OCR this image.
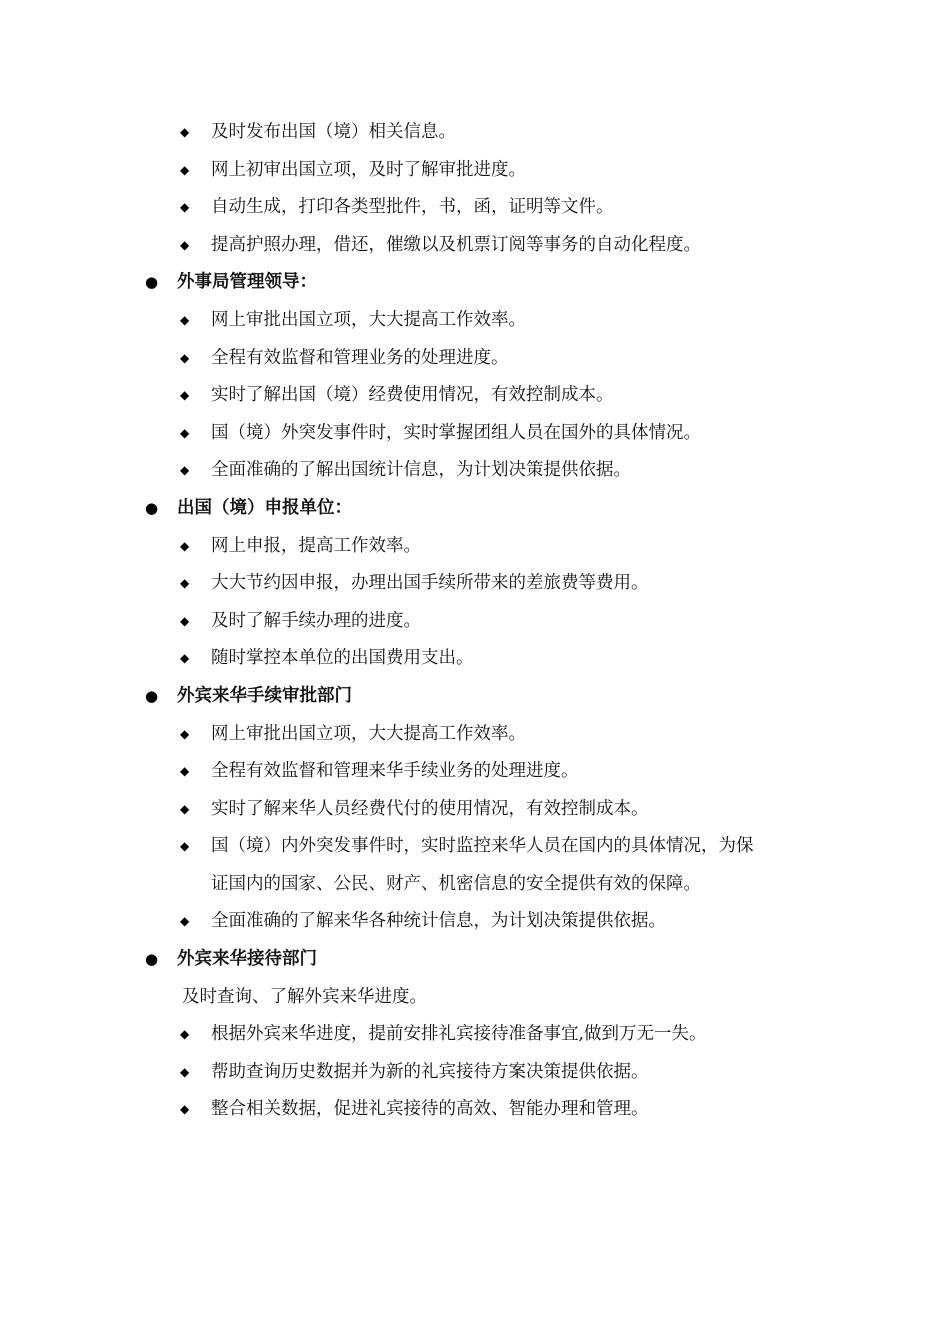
◆ 及时发布出国（境）相关信息。
◆ 网上初审出国立项，及时了解审批进度。
◆ 自动生成，打印各类型批件，书，函，证明等文件。
◆ 提高护照办理，借还，催缴以及机票订阅等事务的自动化程度。
● 外事局管理领导：
◆ 网上审批出国立项，大大提高工作效率。
◆ 全程有效监督和管理业务的处理进度。
◆ 实时了解出国（境）经费使用情况，有效控制成本。
◆ 国（境）外突发事件时，实时掌握团组人员在国外的具体情况。
◆ 全面准确的了解出国统计信息，为计划决策提供依据。
● 出国（境）申报单位：
◆ 网上申报，提高工作效率。
◆ 大大节约因申报，办理出国手续所带来的差旅费等费用。
◆ 及时了解手续办理的进度。
◆ 随时掌控本单位的出国费用支出。
● 外宾来华手续审批部门
◆ 网上审批出国立项，大大提高工作效率。
◆ 全程有效监督和管理来华手续业务的处理进度。
◆ 实时了解来华人员经费代付的使用情况，有效控制成本。
◆ 国（境）内外突发事件时，实时监控来华人员在国内的具体情况，为保
证国内的国家、公民、财产、机密信息的安全提供有效的保障。
◆ 全面准确的了解来华各种统计信息，为计划决策提供依据。
● 外宾来华接待部门
及时查询、了解外宾来华进度。
◆ 根据外宾来华进度，提前安排礼宾接待准备事宜,做到万无一失。
◆ 帮助查询历史数据并为新的礼宾接待方案决策提供依据。
◆ 整合相关数据，促进礼宾接待的高效、智能办理和管理。
